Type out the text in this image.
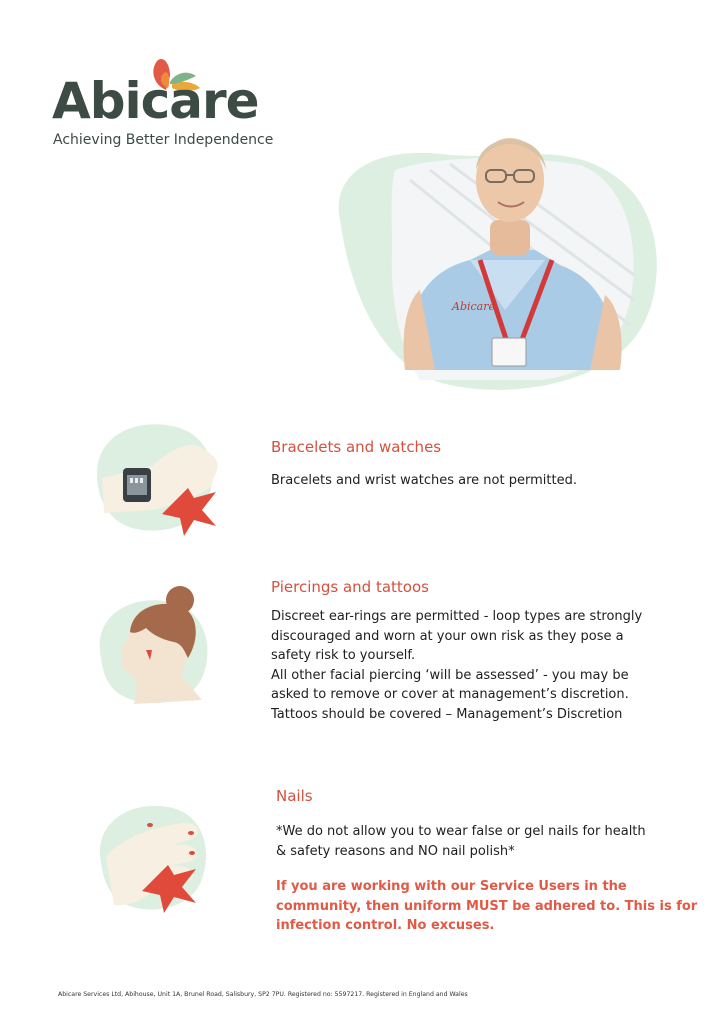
Abicare
Achieving Better Independence
Abicare
Bracelets and watches

Bracelets and wrist watches are not permitted.

Piercings and tattoos

Discreet ear-rings are permitted - loop types are strongly

discouraged and worn at your own risk as they pose a

safety risk to yourself.

All other facial piercing ‘will be assessed’ - you may be

asked to remove or cover at management’s discretion.

Tattoos should be covered – Management’s Discretion

Nails

*We do not allow you to wear false or gel nails for health

& safety reasons and NO nail polish*

If you are working with our Service Users in the

community, then uniform MUST be adhered to. This is for

infection control. No excuses.

Abicare Services Ltd, Abihouse, Unit 1A, Brunel Road, Salisbury, SP2 7PU. Registered no: 5597217. Registered in England and Wales
